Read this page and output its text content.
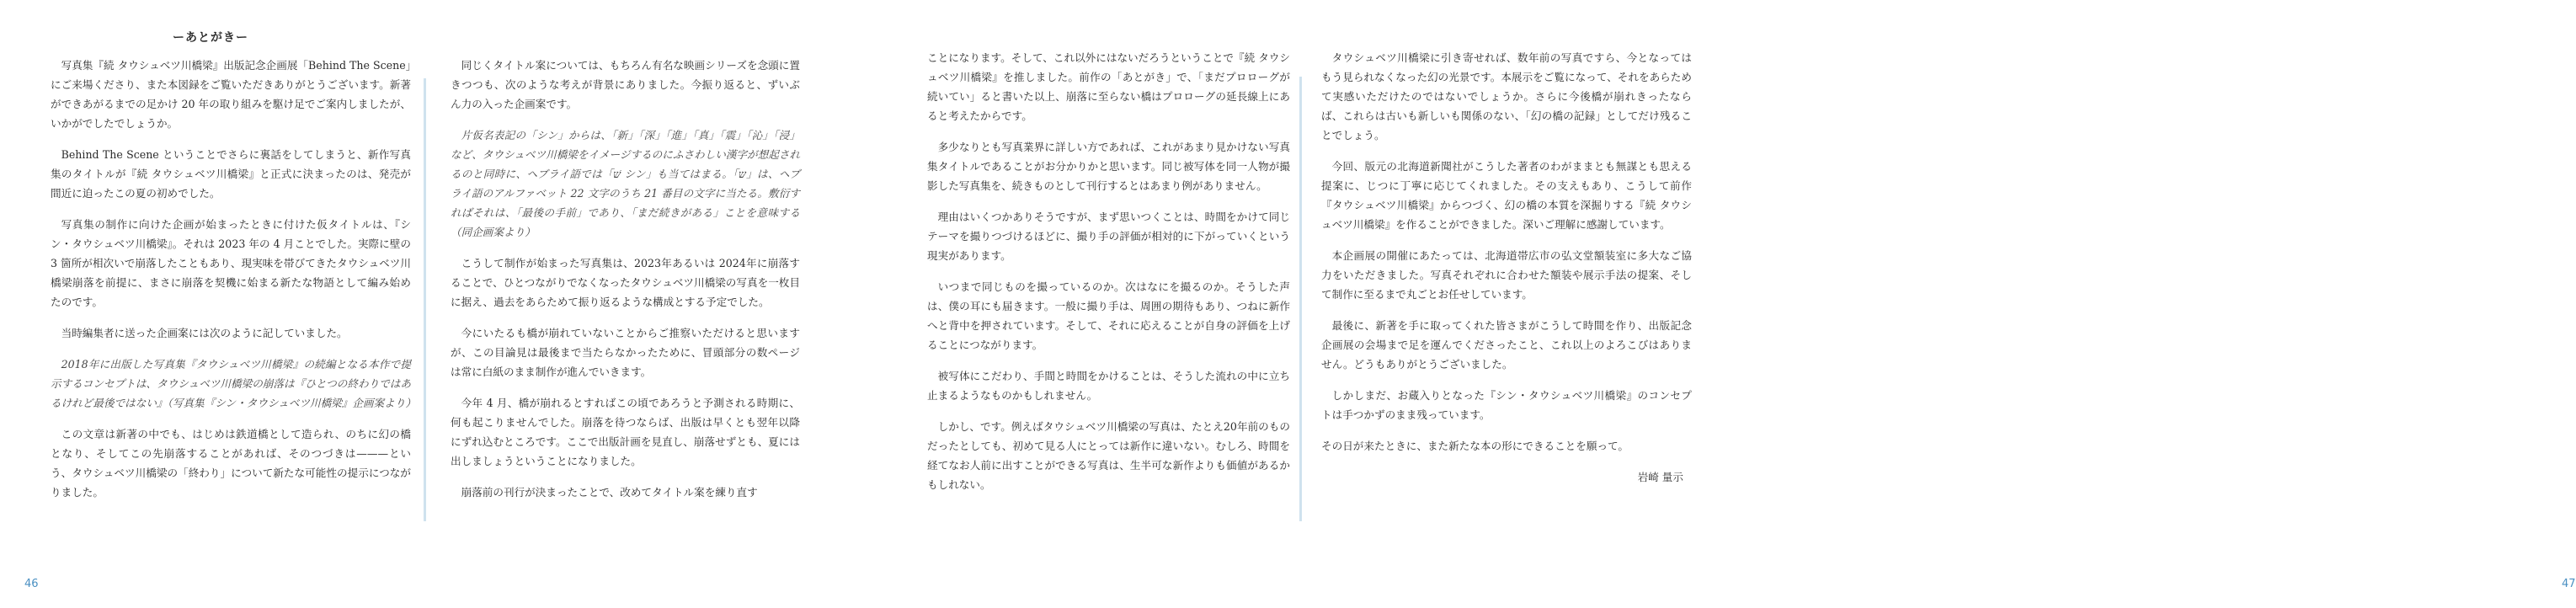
ーあとがきー

写真集『続 タウシュベツ川橋梁』出版記念企画展「Behind The Scene」にご来場くださり、また本図録をご覧いただきありがとうございます。新著ができあがるまでの足かけ 20 年の取り組みを駆け足でご案内しましたが、いかがでしたでしょうか。

Behind The Scene ということでさらに裏話をしてしまうと、新作写真集のタイトルが『続 タウシュベツ川橋梁』と正式に決まったのは、発売が間近に迫ったこの夏の初めでした。

写真集の制作に向けた企画が始まったときに付けた仮タイトルは、『シン・タウシュベツ川橋梁』。それは 2023 年の 4 月ことでした。実際に壁の 3 箇所が相次いで崩落したこともあり、現実味を帯びてきたタウシュベツ川橋梁崩落を前提に、まさに崩落を契機に始まる新たな物語として編み始めたのです。

当時編集者に送った企画案には次のように記していました。

2018年に出版した写真集『タウシュベツ川橋梁』の続編となる本作で提示するコンセプトは、タウシュベツ川橋梁の崩落は『ひとつの終わりではあるけれど最後ではない』（写真集『シン・タウシュベツ川橋梁』企画案より）

この文章は新著の中でも、はじめは鉄道橋として造られ、のちに幻の橋となり、そしてこの先崩落することがあれば、そのつづきは———という、タウシュベツ川橋梁の「終わり」について新たな可能性の提示につながりました。

同じくタイトル案については、もちろん有名な映画シリーズを念頭に置きつつも、次のような考えが背景にありました。今振り返ると、ずいぶん力の入った企画案です。

片仮名表記の「シン」からは、「新」「深」「進」「真」「震」「沁」「浸」など、タウシュベツ川橋梁をイメージするのにふさわしい漢字が想起されるのと同時に、ヘブライ語では「שׁ シン」も当てはまる。「ש」は、ヘブライ語のアルファベット 22 文字のうち 21 番目の文字に当たる。敷衍すればそれは、「最後の手前」であり、「まだ続きがある」ことを意味する（同企画案より）

こうして制作が始まった写真集は、2023年あるいは 2024年に崩落することで、ひとつながりでなくなったタウシュベツ川橋梁の写真を一枚目に据え、過去をあらためて振り返るような構成とする予定でした。

今にいたるも橋が崩れていないことからご推察いただけると思いますが、この目論見は最後まで当たらなかったために、冒頭部分の数ページは常に白紙のまま制作が進んでいきます。

今年 4 月、橋が崩れるとすればこの頃であろうと予測される時期に、何も起こりませんでした。崩落を待つならば、出版は早くとも翌年以降にずれ込むところです。ここで出版計画を見直し、崩落せずとも、夏には出しましょうということになりました。

崩落前の刊行が決まったことで、改めてタイトル案を練り直す

46

ことになります。そして、これ以外にはないだろうということで『続 タウシュベツ川橋梁』を推しました。前作の「あとがき」で、「まだプロローグが続いてい」ると書いた以上、崩落に至らない橋はプロローグの延長線上にあると考えたからです。

多少なりとも写真業界に詳しい方であれば、これがあまり見かけない写真集タイトルであることがお分かりかと思います。同じ被写体を同一人物が撮影した写真集を、続きものとして刊行するとはあまり例がありません。

理由はいくつかありそうですが、まず思いつくことは、時間をかけて同じテーマを撮りつづけるほどに、撮り手の評価が相対的に下がっていくという現実があります。

いつまで同じものを撮っているのか。次はなにを撮るのか。そうした声は、僕の耳にも届きます。一般に撮り手は、周囲の期待もあり、つねに新作へと背中を押されています。そして、それに応えることが自身の評価を上げることにつながります。

被写体にこだわり、手間と時間をかけることは、そうした流れの中に立ち止まるようなものかもしれません。

しかし、です。例えばタウシュベツ川橋梁の写真は、たとえ20年前のものだったとしても、初めて見る人にとっては新作に違いない。むしろ、時間を経てなお人前に出すことができる写真は、生半可な新作よりも価値があるかもしれない。

タウシュベツ川橋梁に引き寄せれば、数年前の写真ですら、今となってはもう見られなくなった幻の光景です。本展示をご覧になって、それをあらためて実感いただけたのではないでしょうか。さらに今後橋が崩れきったならば、これらは古いも新しいも関係のない、「幻の橋の記録」としてだけ残ることでしょう。

今回、版元の北海道新聞社がこうした著者のわがままとも無謀とも思える提案に、じつに丁寧に応じてくれました。その支えもあり、こうして前作『タウシュベツ川橋梁』からつづく、幻の橋の本質を深掘りする『続 タウシュベツ川橋梁』を作ることができました。深いご理解に感謝しています。

本企画展の開催にあたっては、北海道帯広市の弘文堂額装室に多大なご協力をいただきました。写真それぞれに合わせた額装や展示手法の提案、そして制作に至るまで丸ごとお任せしています。

最後に、新著を手に取ってくれた皆さまがこうして時間を作り、出版記念企画展の会場まで足を運んでくださったこと、これ以上のよろこびはありません。どうもありがとうございました。

しかしまだ、お蔵入りとなった『シン・タウシュベツ川橋梁』のコンセプトは手つかずのまま残っています。

その日が来たときに、また新たな本の形にできることを願って。

岩崎 量示

47
